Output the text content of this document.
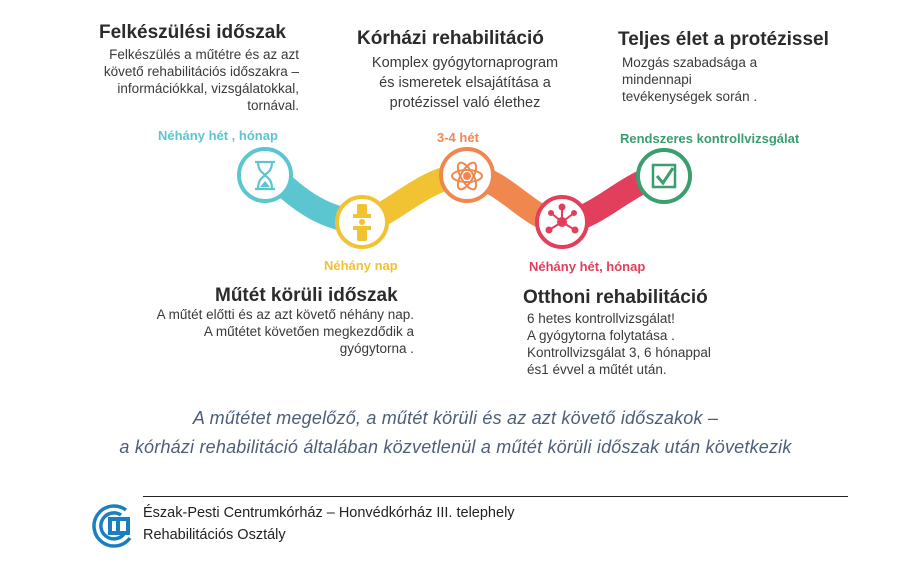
Felkészülési időszak
Felkészülés a műtétre és az azt
követő rehabilitációs időszakra –
információkkal, vizsgálatokkal,
tornával.
Kórházi rehabilitáció
Komplex gyógytornaprogram
és ismeretek elsajátítása a
protézissel való élethez
Teljes élet a protézissel
Mozgás szabadsága a
mindennapi
tevékenységek során .
Néhány hét , hónap	3-4 hét	Rendszeres kontrollvizsgálat
Néhány nap	Néhány hét, hónap
Műtét körüli időszak
A műtét előtti és az azt követő néhány nap.
A műtétet követően megkezdődik a
gyógytorna .
Otthoni rehabilitáció
6 hetes kontrollvizsgálat!
A gyógytorna folytatása .
Kontrollvizsgálat 3, 6 hónappal
és1 évvel a műtét után.
A műtétet megelőző, a műtét körüli és az azt követő időszakok –
a kórházi rehabilitáció általában közvetlenül a műtét körüli időszak után következik
Észak-Pesti Centrumkórház – Honvédkórház III. telephely
Rehabilitációs Osztály
